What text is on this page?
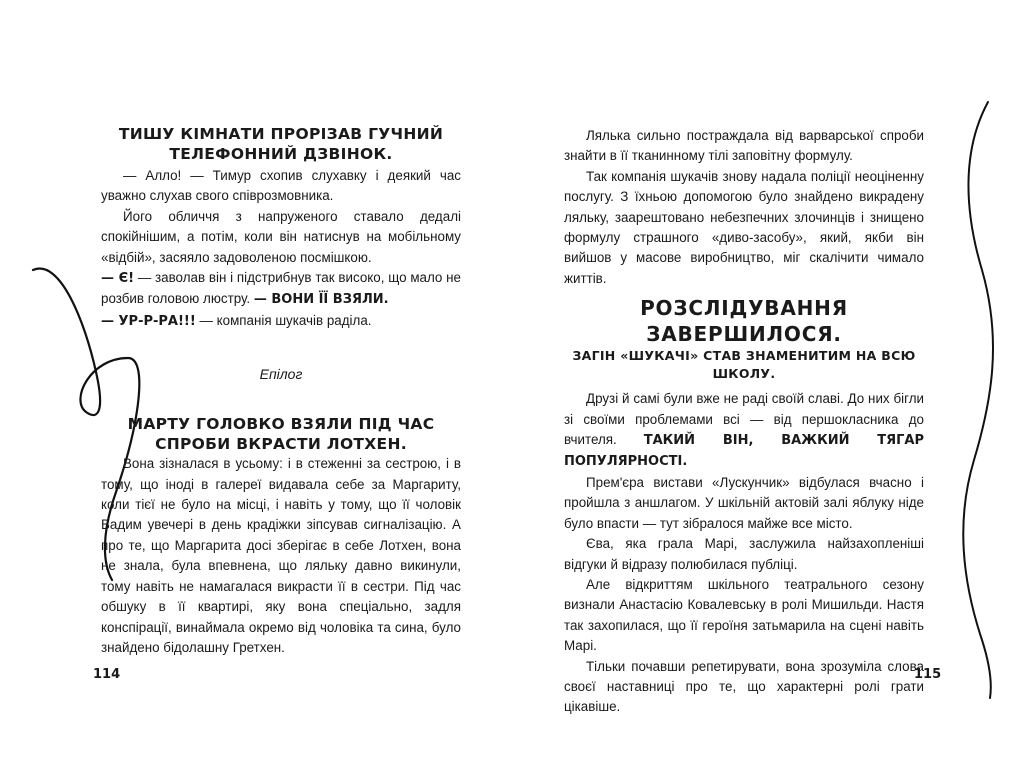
ТИШУ КІМНАТИ ПРОРІЗАВ ГУЧНИЙ ТЕЛЕФОННИЙ ДЗВІНОК.

— Алло! — Тимур схопив слухавку і деякий час уважно слухав свого співрозмовника.

Його обличчя з напруженого ставало дедалі спокійнішим, а потім, коли він натиснув на мобільному «відбій», засяяло задоволеною посмішкою.

— Є! — заволав він і підстрибнув так високо, що мало не розбив головою люстру. — ВОНИ ЇЇ ВЗЯЛИ.

— УР-Р-РА!!! — компанія шукачів раділа.

Епілог
МАРТУ ГОЛОВКО ВЗЯЛИ ПІД ЧАС СПРОБИ ВКРАСТИ ЛОТХЕН.

Вона зізналася в усьому: і в стеженні за сестрою, і в тому, що іноді в галереї видавала себе за Маргариту, коли тієї не було на місці, і навіть у тому, що її чоловік Вадим увечері в день крадіжки зіпсував сигналізацію. А про те, що Маргарита досі зберігає в себе Лотхен, вона не знала, була впевнена, що ляльку давно викинули, тому навіть не намагалася викрасти її в сестри. Під час обшуку в її квартирі, яку вона спеціально, задля конспірації, винаймала окремо від чоловіка та сина, було знайдено бідолашну Гретхен.

114

Лялька сильно постраждала від варварської спроби знайти в її тканинному тілі заповітну формулу.

Так компанія шукачів знову надала поліції неоціненну послугу. З їхньою допомогою було знайдено викрадену ляльку, заарештовано небезпечних злочинців і знищено формулу страшного «диво-засобу», який, якби він вийшов у масове виробництво, міг скалічити чимало життів.

РОЗСЛІДУВАННЯ ЗАВЕРШИЛОСЯ.
ЗАГІН «ШУКАЧІ» СТАВ ЗНАМЕНИТИМ НА ВСЮ ШКОЛУ.

Друзі й самі були вже не раді своїй славі. До них бігли зі своїми проблемами всі — від першокласника до вчителя. ТАКИЙ ВІН, ВАЖКИЙ ТЯГАР ПОПУЛЯРНОСТІ.

Прем'єра вистави «Лускунчик» відбулася вчасно і пройшла з аншлагом. У шкільній актовій залі яблуку ніде було впасти — тут зібралося майже все місто.

Єва, яка грала Марі, заслужила найзахопленіші відгуки й відразу полюбилася публіці.

Але відкриттям шкільного театрального сезону визнали Анастасію Ковалевську в ролі Мишильди. Настя так захопилася, що її героїня затьмарила на сцені навіть Марі.

Тільки почавши репетирувати, вона зрозуміла слова своєї наставниці про те, що характерні ролі грати цікавіше.

115
